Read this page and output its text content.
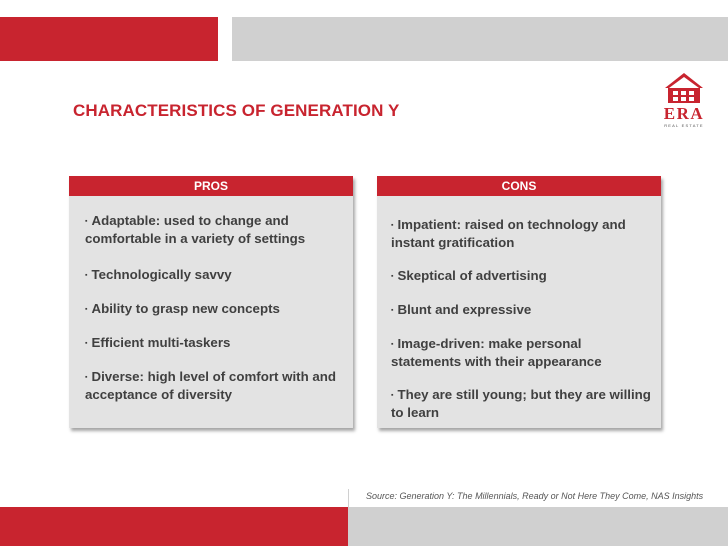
CHARACTERISTICS OF GENERATION Y	ERA
REAL ESTATE
PROS
▪ Adaptable: used to change and comfortable in a variety of settings
▪ Technologically savvy
▪ Ability to grasp new concepts
▪ Efficient multi-taskers
▪ Diverse: high level of comfort with and acceptance of diversity
CONS
▪ Impatient: raised on technology and instant gratification
▪ Skeptical of advertising
▪ Blunt and expressive
▪ Image-driven: make personal statements with their appearance
▪ They are still young; but they are willing to learn
Source: Generation Y: The Millennials, Ready or Not Here They Come, NAS Insights
